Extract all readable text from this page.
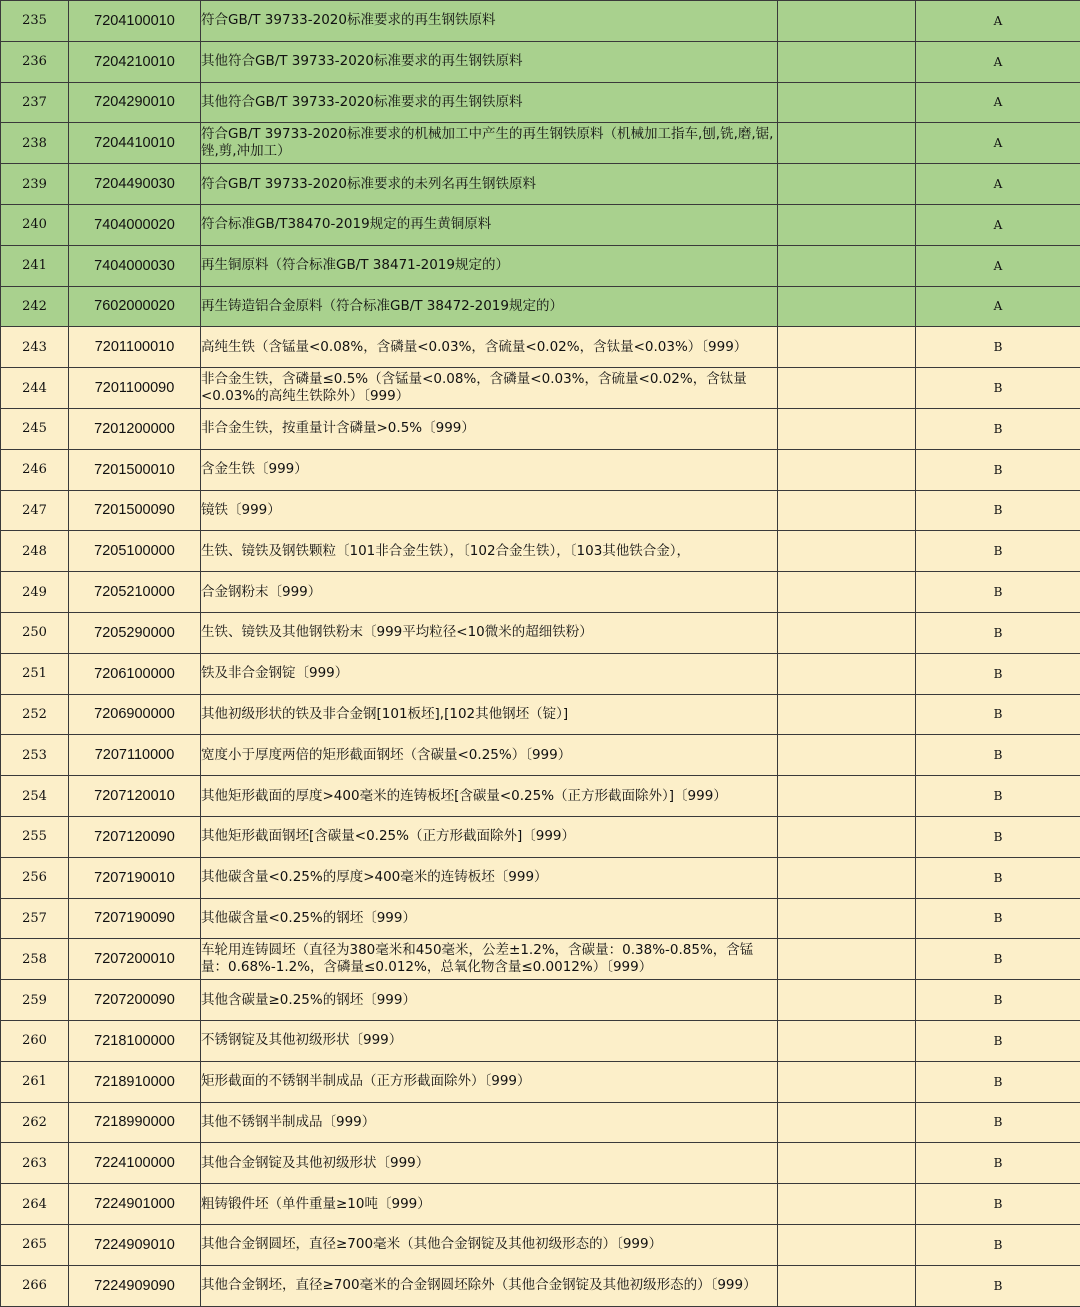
235	7204100010	符合GB/T 39733-2020标准要求的再生钢铁原料		A
236	7204210010	其他符合GB/T 39733-2020标准要求的再生钢铁原料		A
237	7204290010	其他符合GB/T 39733-2020标准要求的再生钢铁原料		A
238	7204410010	符合GB/T 39733-2020标准要求的机械加工中产生的再生钢铁原料（机械加工指车,刨,铣,磨,锯,锉,剪,冲加工）		A
239	7204490030	符合GB/T 39733-2020标准要求的未列名再生钢铁原料		A
240	7404000020	符合标准GB/T38470-2019规定的再生黄铜原料		A
241	7404000030	再生铜原料（符合标准GB/T 38471-2019规定的）		A
242	7602000020	再生铸造铝合金原料（符合标准GB/T 38472-2019规定的）		A
243	7201100010	高纯生铁（含锰量<0.08%，含磷量<0.03%，含硫量<0.02%，含钛量<0.03%）〔999）		B
244	7201100090	非合金生铁，含磷量≤0.5%（含锰量<0.08%，含磷量<0.03%，含硫量<0.02%，含钛量<0.03%的高纯生铁除外）〔999）		B
245	7201200000	非合金生铁，按重量计含磷量>0.5%〔999）		B
246	7201500010	含金生铁〔999）		B
247	7201500090	镜铁〔999）		B
248	7205100000	生铁、镜铁及钢铁颗粒〔101非合金生铁），〔102合金生铁），〔103其他铁合金），		B
249	7205210000	合金钢粉末〔999）		B
250	7205290000	生铁、镜铁及其他钢铁粉末〔999平均粒径<10微米的超细铁粉）		B
251	7206100000	铁及非合金钢锭〔999）		B
252	7206900000	其他初级形状的铁及非合金钢[101板坯],[102其他钢坯（锭）]		B
253	7207110000	宽度小于厚度两倍的矩形截面钢坯（含碳量<0.25%）〔999）		B
254	7207120010	其他矩形截面的厚度>400毫米的连铸板坯[含碳量<0.25%（正方形截面除外）]〔999）		B
255	7207120090	其他矩形截面钢坯[含碳量<0.25%（正方形截面除外]〔999）		B
256	7207190010	其他碳含量<0.25%的厚度>400毫米的连铸板坯〔999）		B
257	7207190090	其他碳含量<0.25%的钢坯〔999）		B
258	7207200010	车轮用连铸圆坯（直径为380毫米和450毫米，公差±1.2%，含碳量：0.38%-0.85%，含锰量：0.68%-1.2%，含磷量≤0.012%，总氧化物含量≤0.0012%）〔999）		B
259	7207200090	其他含碳量≥0.25%的钢坯〔999）		B
260	7218100000	不锈钢锭及其他初级形状〔999）		B
261	7218910000	矩形截面的不锈钢半制成品（正方形截面除外）〔999）		B
262	7218990000	其他不锈钢半制成品〔999）		B
263	7224100000	其他合金钢锭及其他初级形状〔999）		B
264	7224901000	粗铸锻件坯（单件重量≥10吨〔999）		B
265	7224909010	其他合金钢圆坯，直径≥700毫米（其他合金钢锭及其他初级形态的）〔999）		B
266	7224909090	其他合金钢坯，直径≥700毫米的合金钢圆坯除外（其他合金钢锭及其他初级形态的）〔999）		B
